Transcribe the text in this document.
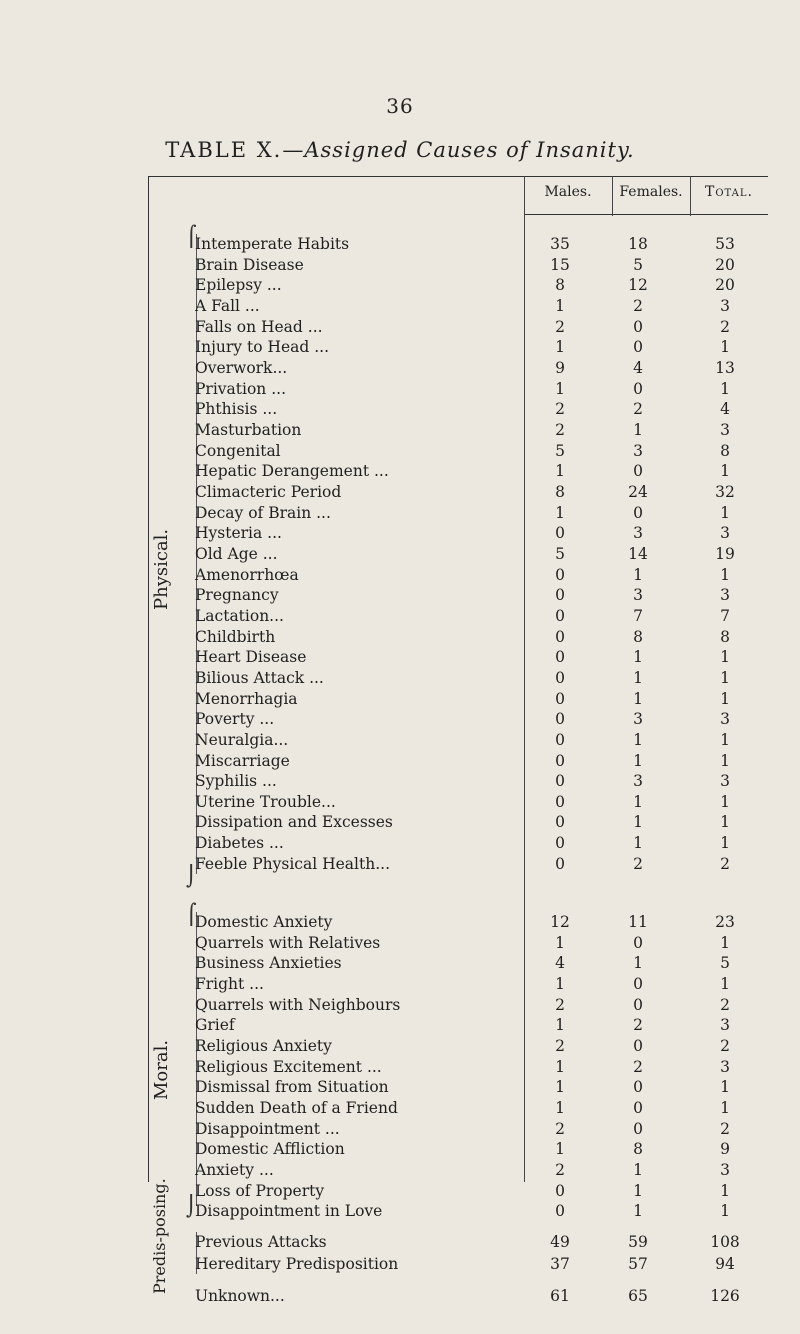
36
TABLE X.—Assigned Causes of Insanity.
Males.	Females.	Total.
⌠
⌡
⌠
⌡
Physical.
Moral.
Predis-posing.
Intemperate Habits	35	18	53
Brain Disease	15	5	20
Epilepsy ...	8	12	20
A Fall ...	1	2	3
Falls on Head ...	2	0	2
Injury to Head ...	1	0	1
Overwork...	9	4	13
Privation ...	1	0	1
Phthisis ...	2	2	4
Masturbation	2	1	3
Congenital	5	3	8
Hepatic Derangement ...	1	0	1
Climacteric Period	8	24	32
Decay of Brain ...	1	0	1
Hysteria ...	0	3	3
Old Age ...	5	14	19
Amenorrhœa	0	1	1
Pregnancy	0	3	3
Lactation...	0	7	7
Childbirth	0	8	8
Heart Disease	0	1	1
Bilious Attack ...	0	1	1
Menorrhagia	0	1	1
Poverty ...	0	3	3
Neuralgia...	0	1	1
Miscarriage	0	1	1
Syphilis ...	0	3	3
Uterine Trouble...	0	1	1
Dissipation and Excesses	0	1	1
Diabetes ...	0	1	1
Feeble Physical Health...	0	2	2
Domestic Anxiety	12	11	23
Quarrels with Relatives	1	0	1
Business Anxieties	4	1	5
Fright ...	1	0	1
Quarrels with Neighbours	2	0	2
Grief	1	2	3
Religious Anxiety	2	0	2
Religious Excitement ...	1	2	3
Dismissal from Situation	1	0	1
Sudden Death of a Friend	1	0	1
Disappointment ...	2	0	2
Domestic Affliction	1	8	9
Anxiety ...	2	1	3
Loss of Property	0	1	1
Disappointment in Love	0	1	1
Previous Attacks	49	59	108
Hereditary Predisposition	37	57	94
Unknown...	61	65	126
